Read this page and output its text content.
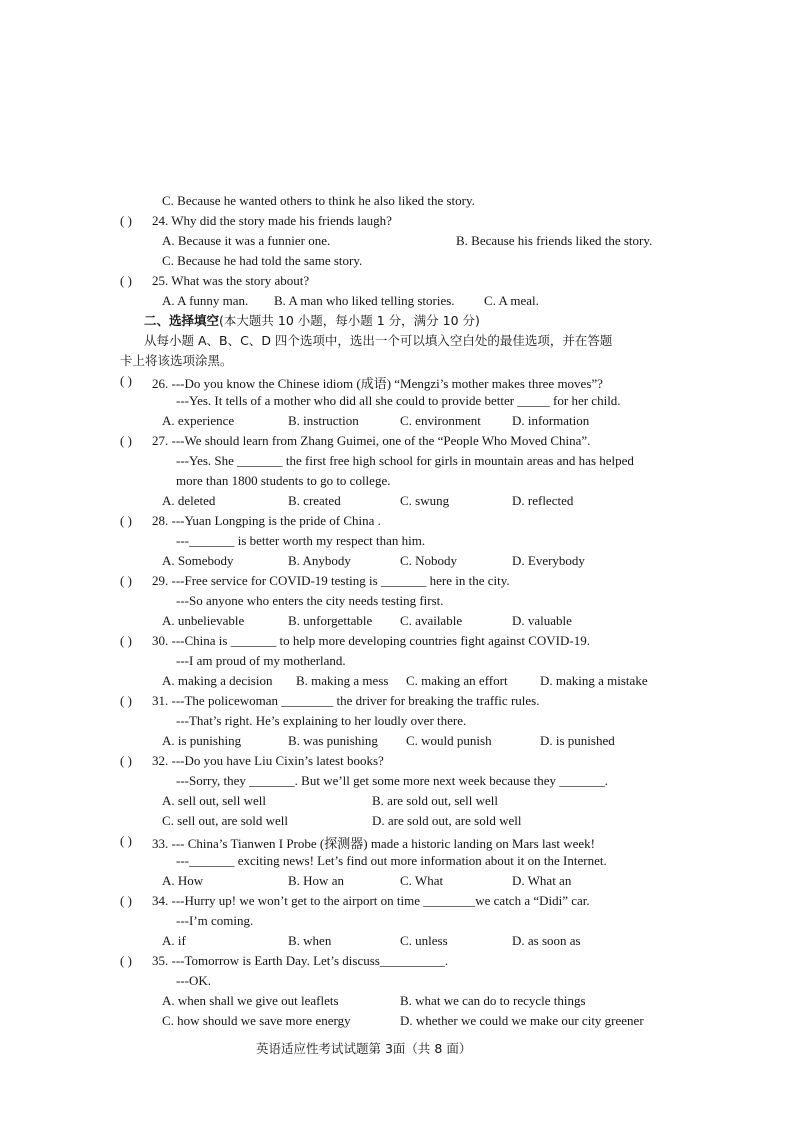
C. Because he wanted others to think he also liked the story.
( ) 24. Why did the story made his friends laugh?
A. Because it was a funnier one.	B. Because his friends liked the story.
C. Because he had told the same story.
( ) 25. What was the story about?
A. A funny man. B. A man who liked telling stories. C. A meal.
二、选择填空(本大题共 10 小题，每小题 1 分，满分 10 分)
从每小题 A、B、C、D 四个选项中，选出一个可以填入空白处的最佳选项，并在答题
卡上将该选项涂黑。
( ) 26. ---Do you know the Chinese idiom (成语) “Mengzi’s mother makes three moves”?
---Yes. It tells of a mother who did all she could to provide better _____ for her child.
A. experience	B. instruction	C. environment D. information
( ) 27. ---We should learn from Zhang Guimei, one of the “People Who Moved China”.
---Yes. She _______ the first free high school for girls in mountain areas and has helped
more than 1800 students to go to college.
A. deleted	B. created	C. swung	D. reflected
( ) 28. ---Yuan Longping is the pride of China .
---_______ is better worth my respect than him.
A. Somebody	B. Anybody	C. Nobody	D. Everybody
( ) 29. ---Free service for COVID-19 testing is _______ here in the city.
---So anyone who enters the city needs testing first.
A. unbelievable	B. unforgettable C. available	D. valuable
( ) 30. ---China is _______ to help more developing countries fight against COVID-19.
---I am proud of my motherland.
A. making a decision B. making a mess C. making an effort D. making a mistake
( ) 31. ---The policewoman ________ the driver for breaking the traffic rules.
---That’s right. He’s explaining to her loudly over there.
A. is punishing	B. was punishing C. would punish	D. is punished
( ) 32. ---Do you have Liu Cixin’s latest books?
---Sorry, they _______. But we’ll get some more next week because they _______.
A. sell out, sell well	B. are sold out, sell well
C. sell out, are sold well	D. are sold out, are sold well
( ) 33. --- China’s Tianwen I Probe (探测器) made a historic landing on Mars last week!
---_______ exciting news! Let’s find out more information about it on the Internet.
A. How	B. How an	C. What	D. What an
( ) 34. ---Hurry up! we won’t get to the airport on time ________we catch a “Didi” car.
---I’m coming.
A. if	B. when	C. unless	D. as soon as
( ) 35. ---Tomorrow is Earth Day. Let’s discuss__________.
---OK.
A. when shall we give out leaflets	B. what we can do to recycle things
C. how should we save more energy	D. whether we could we make our city greener
英语适应性考试试题第 3面（共 8 面）
